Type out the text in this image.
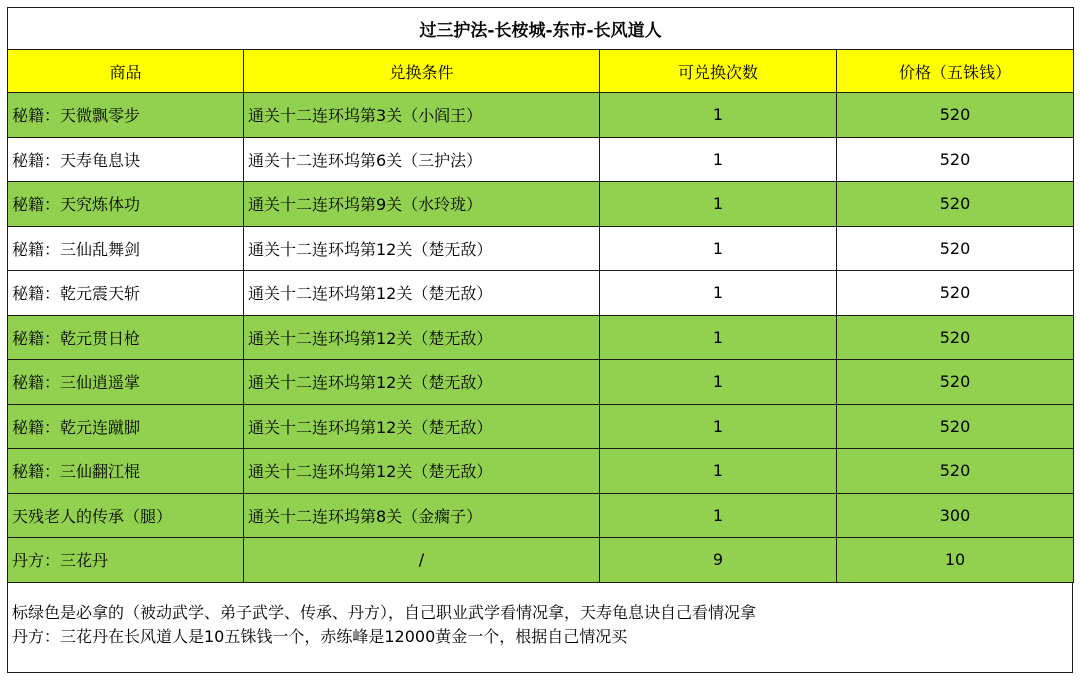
过三护法-长桉城-东市-长风道人			
商品	兑换条件	可兑换次数	价格（五铢钱）
秘籍：天微飘零步	通关十二连环坞第3关（小阎王）	1	520
秘籍：天寿龟息诀	通关十二连环坞第6关（三护法）	1	520
秘籍：天究炼体功	通关十二连环坞第9关（水玲珑）	1	520
秘籍：三仙乱舞剑	通关十二连环坞第12关（楚无敌）	1	520
秘籍：乾元震天斩	通关十二连环坞第12关（楚无敌）	1	520
秘籍：乾元贯日枪	通关十二连环坞第12关（楚无敌）	1	520
秘籍：三仙逍遥掌	通关十二连环坞第12关（楚无敌）	1	520
秘籍：乾元连蹴脚	通关十二连环坞第12关（楚无敌）	1	520
秘籍：三仙翻江棍	通关十二连环坞第12关（楚无敌）	1	520
天残老人的传承（腿）	通关十二连环坞第8关（金瘸子）	1	300
丹方：三花丹	/	9	10
标绿色是必拿的（被动武学、弟子武学、传承、丹方），自己职业武学看情况拿，天寿龟息诀自己看情况拿
丹方：三花丹在长风道人是10五铢钱一个，赤练峰是12000黄金一个，根据自己情况买
